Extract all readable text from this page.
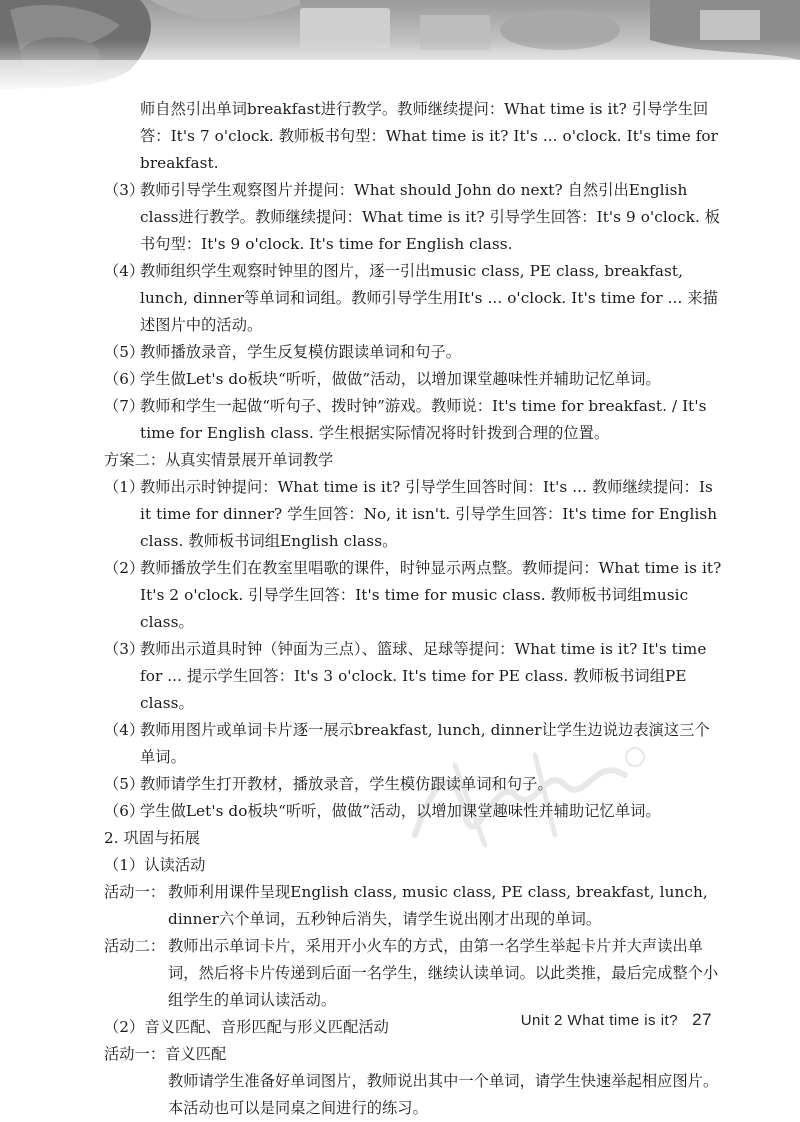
师自然引出单词breakfast进行教学。教师继续提问：What time is it? 引导学生回答：It's 7 o'clock. 教师板书句型：What time is it? It's ... o'clock. It's time for breakfast.

（3）
教师引导学生观察图片并提问：What should John do next? 自然引出English class进行教学。教师继续提问：What time is it? 引导学生回答：It's 9 o'clock. 板书句型：It's 9 o'clock. It's time for English class.

（4）
教师组织学生观察时钟里的图片，逐一引出music class, PE class, breakfast, lunch, dinner等单词和词组。教师引导学生用It's ... o'clock. It's time for ... 来描述图片中的活动。

（5）
教师播放录音，学生反复模仿跟读单词和句子。

（6）
学生做Let's do板块“听听，做做”活动，以增加课堂趣味性并辅助记忆单词。

（7）
教师和学生一起做“听句子、拨时钟”游戏。教师说：It's time for breakfast. / It's time for English class. 学生根据实际情况将时针拨到合理的位置。

方案二：从真实情景展开单词教学

（1）
教师出示时钟提问：What time is it? 引导学生回答时间：It's ... 教师继续提问：Is it time for dinner? 学生回答：No, it isn't. 引导学生回答：It's time for English class. 教师板书词组English class。

（2）
教师播放学生们在教室里唱歌的课件，时钟显示两点整。教师提问：What time is it? It's 2 o'clock. 引导学生回答：It's time for music class. 教师板书词组music class。

（3）
教师出示道具时钟（钟面为三点）、篮球、足球等提问：What time is it? It's time for ... 提示学生回答：It's 3 o'clock. It's time for PE class. 教师板书词组PE class。

（4）
教师用图片或单词卡片逐一展示breakfast, lunch, dinner让学生边说边表演这三个单词。

（5）
教师请学生打开教材，播放录音，学生模仿跟读单词和句子。

（6）
学生做Let's do板块“听听，做做”活动，以增加课堂趣味性并辅助记忆单词。

2. 巩固与拓展

（1）认读活动

活动一： 教师利用课件呈现English class, music class, PE class, breakfast, lunch, dinner六个单词，五秒钟后消失，请学生说出刚才出现的单词。

活动二： 教师出示单词卡片，采用开小火车的方式，由第一名学生举起卡片并大声读出单词，然后将卡片传递到后面一名学生，继续认读单词。以此类推，最后完成整个小组学生的单词认读活动。

（2）音义匹配、音形匹配与形义匹配活动

活动一：音义匹配

教师请学生准备好单词图片，教师说出其中一个单词，请学生快速举起相应图片。本活动也可以是同桌之间进行的练习。

Unit 2 What time is it? 27
